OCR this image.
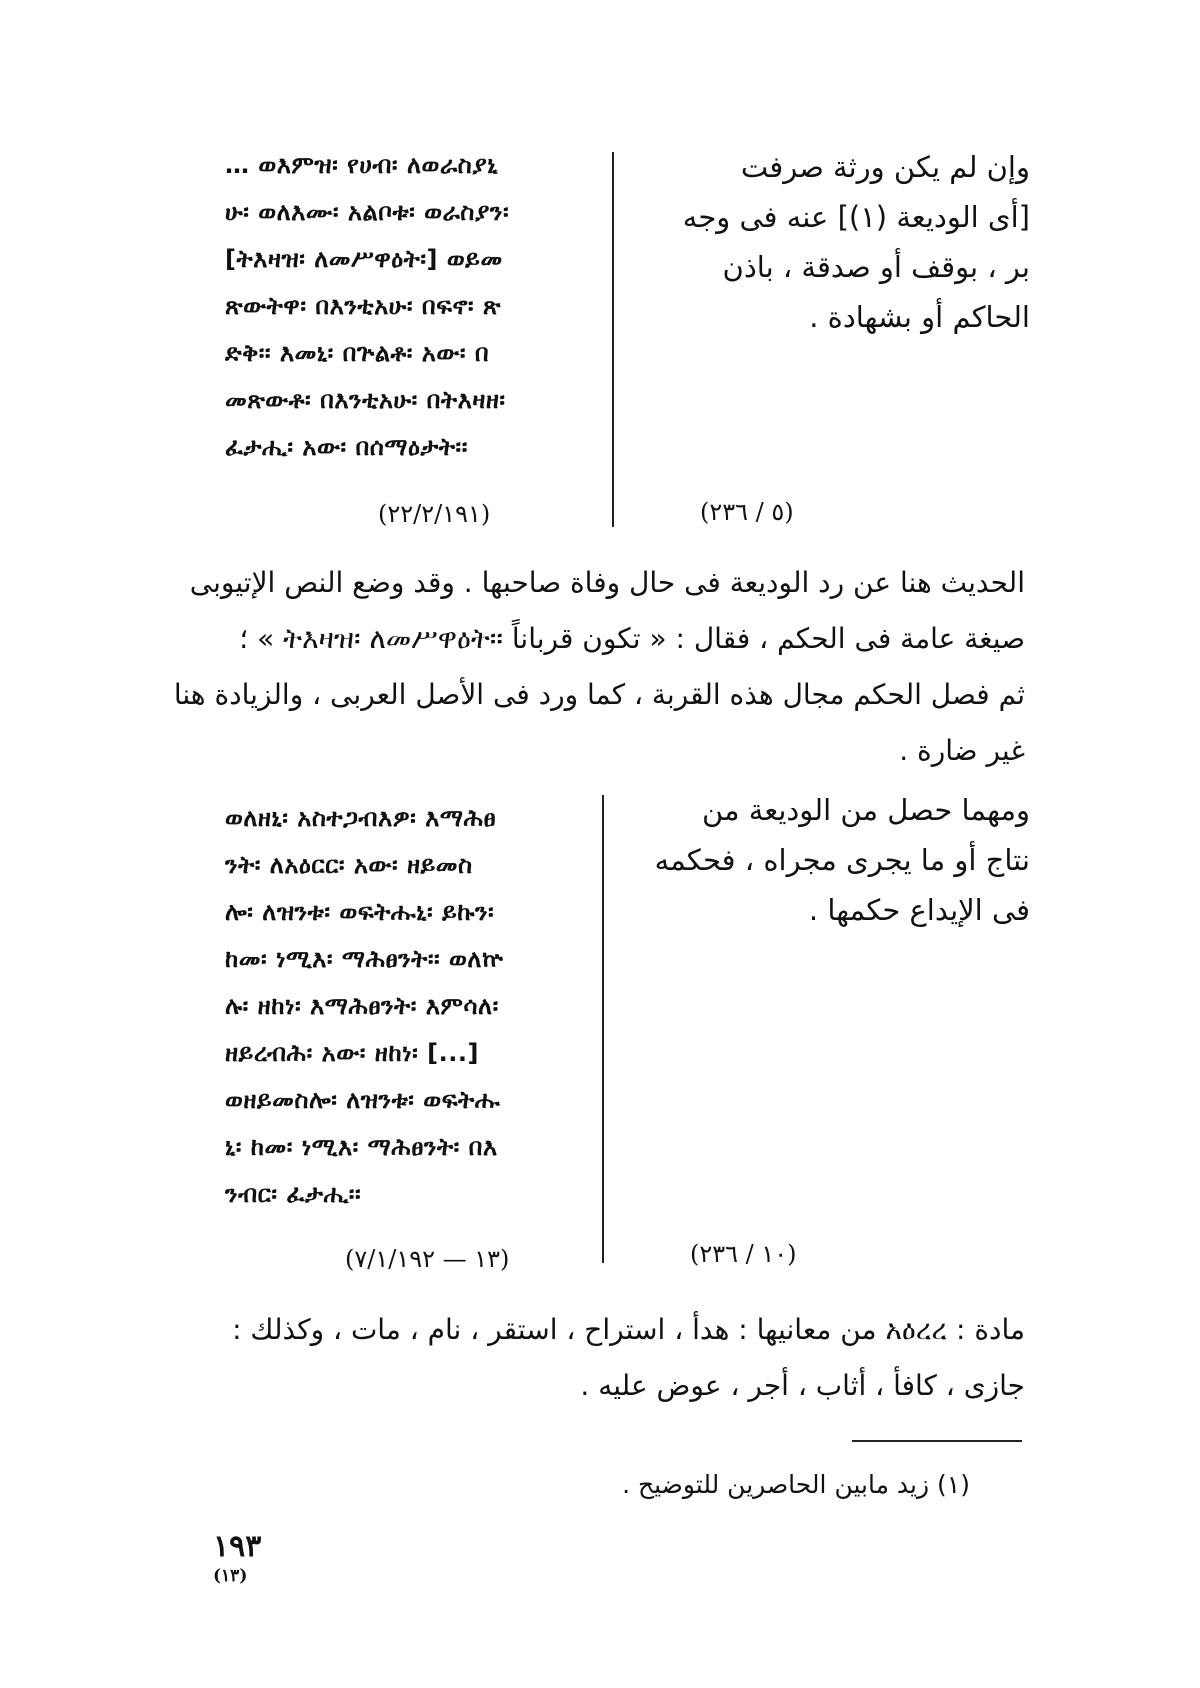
… ወእምዝ፡ የሀብ፡ ለወራስያኒ
ሁ፡ ወለእሙ፡ አልቦቱ፡ ወራስያን፡
[ትእዛዝ፡ ለመሥዋዕት፡] ወይመ
ጽውትዋ፡ በእንቲአሁ፡ በፍኖ፡ ጽ
ድቅ፡፡ እመኒ፡ በጕልቶ፡ አው፡ በ
መጽውቶ፡ በእንቲአሁ፡ በትእዛዘ፡
ፈታሒ፡ አው፡ በሰማዕታት፡፡
(٢٢/٢/١٩١)
وإن لم يكن ورثة صرفت
[أى الوديعة (١)] عنه فى وجه
بر ، بوقف أو صدقة ، باذن
الحاكم أو بشهادة .
(٥ / ٢٣٦)
الحديث هنا عن رد الوديعة فى حال وفاة صاحبها . وقد وضع النص الإتيوبى
صيغة عامة فى الحكم ، فقال : « تكون قرباناً ትእዛዝ፡ ለመሥዋዕት፡፡ » ؛
ثم فصل الحكم مجال هذه القربة ، كما ورد فى الأصل العربى ، والزيادة هنا
غير ضارة .
ወለዘኒ፡ አስተጋብእዎ፡ እማሕፀ
ንት፡ ለአዕርር፡ አው፡ ዘይመስ
ሎ፡ ለዝንቱ፡ ወፍትሑኒ፡ ይኩን፡
ከመ፡ ነሚእ፡ ማሕፀንት፡፡ ወለኵ
ሉ፡ ዘከነ፡ እማሕፀንት፡ እምሳለ፡
ዘይረብሕ፡ አው፡ ዘከነ፡ [...]
ወዘይመስሎ፡ ለዝንቱ፡ ወፍትሑ
ኒ፡ ከመ፡ ነሚእ፡ ማሕፀንት፡ በእ
ንብር፡ ፈታሒ፡፡
(١٣ — ٧/١/١٩٢)
ومهما حصل من الوديعة من
نتاج أو ما يجرى مجراه ، فحكمه
فى الإيداع حكمها .
(١٠ / ٢٣٦)
مادة : አዕረረ من معانيها : هدأ ، استراح ، استقر ، نام ، مات ، وكذلك :
جازى ، كافأ ، أثاب ، أجر ، عوض عليه .
(١) زيد مابين الحاصرين للتوضيح .
١٩٣
(١٣)
